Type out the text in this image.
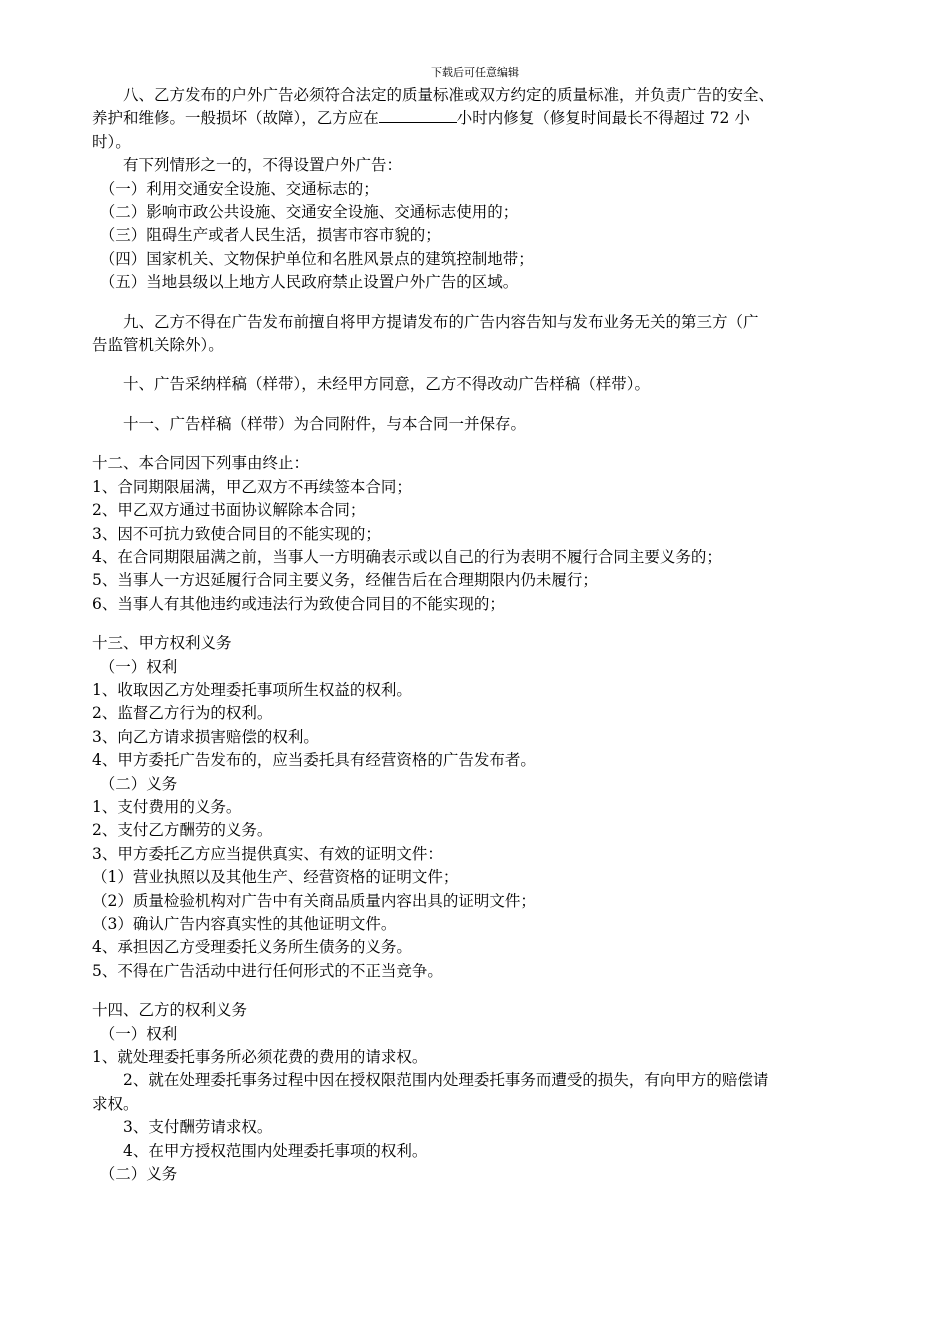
下载后可任意编辑

八、乙方发布的户外广告必须符合法定的质量标准或双方约定的质量标准，并负责广告的安全、

养护和维修。一般损坏（故障），乙方应在	小时内修复（修复时间最长不得超过 72 小

时）。

有下列情形之一的，不得设置户外广告：

（一）利用交通安全设施、交通标志的；

（二）影响市政公共设施、交通安全设施、交通标志使用的；

（三）阻碍生产或者人民生活，损害市容市貌的；

（四）国家机关、文物保护单位和名胜风景点的建筑控制地带；

（五）当地县级以上地方人民政府禁止设置户外广告的区域。

九、乙方不得在广告发布前擅自将甲方提请发布的广告内容告知与发布业务无关的第三方（广

告监管机关除外）。

十、广告采纳样稿（样带），未经甲方同意，乙方不得改动广告样稿（样带）。

十一、广告样稿（样带）为合同附件，与本合同一并保存。

十二、本合同因下列事由终止：

1、合同期限届满，甲乙双方不再续签本合同；

2、甲乙双方通过书面协议解除本合同；

3、因不可抗力致使合同目的不能实现的；

4、在合同期限届满之前，当事人一方明确表示或以自己的行为表明不履行合同主要义务的；

5、当事人一方迟延履行合同主要义务，经催告后在合理期限内仍未履行；

6、当事人有其他违约或违法行为致使合同目的不能实现的；

十三、甲方权利义务

（一）权利

1、收取因乙方处理委托事项所生权益的权利。

2、监督乙方行为的权利。

3、向乙方请求损害赔偿的权利。

4、甲方委托广告发布的，应当委托具有经营资格的广告发布者。

（二）义务

1、支付费用的义务。

2、支付乙方酬劳的义务。

3、甲方委托乙方应当提供真实、有效的证明文件：

（1）营业执照以及其他生产、经营资格的证明文件；

（2）质量检验机构对广告中有关商品质量内容出具的证明文件；

（3）确认广告内容真实性的其他证明文件。

4、承担因乙方受理委托义务所生债务的义务。

5、不得在广告活动中进行任何形式的不正当竞争。

十四、乙方的权利义务

（一）权利

1、就处理委托事务所必须花费的费用的请求权。

2、就在处理委托事务过程中因在授权限范围内处理委托事务而遭受的损失，有向甲方的赔偿请

求权。

3、支付酬劳请求权。

4、在甲方授权范围内处理委托事项的权利。

（二）义务
